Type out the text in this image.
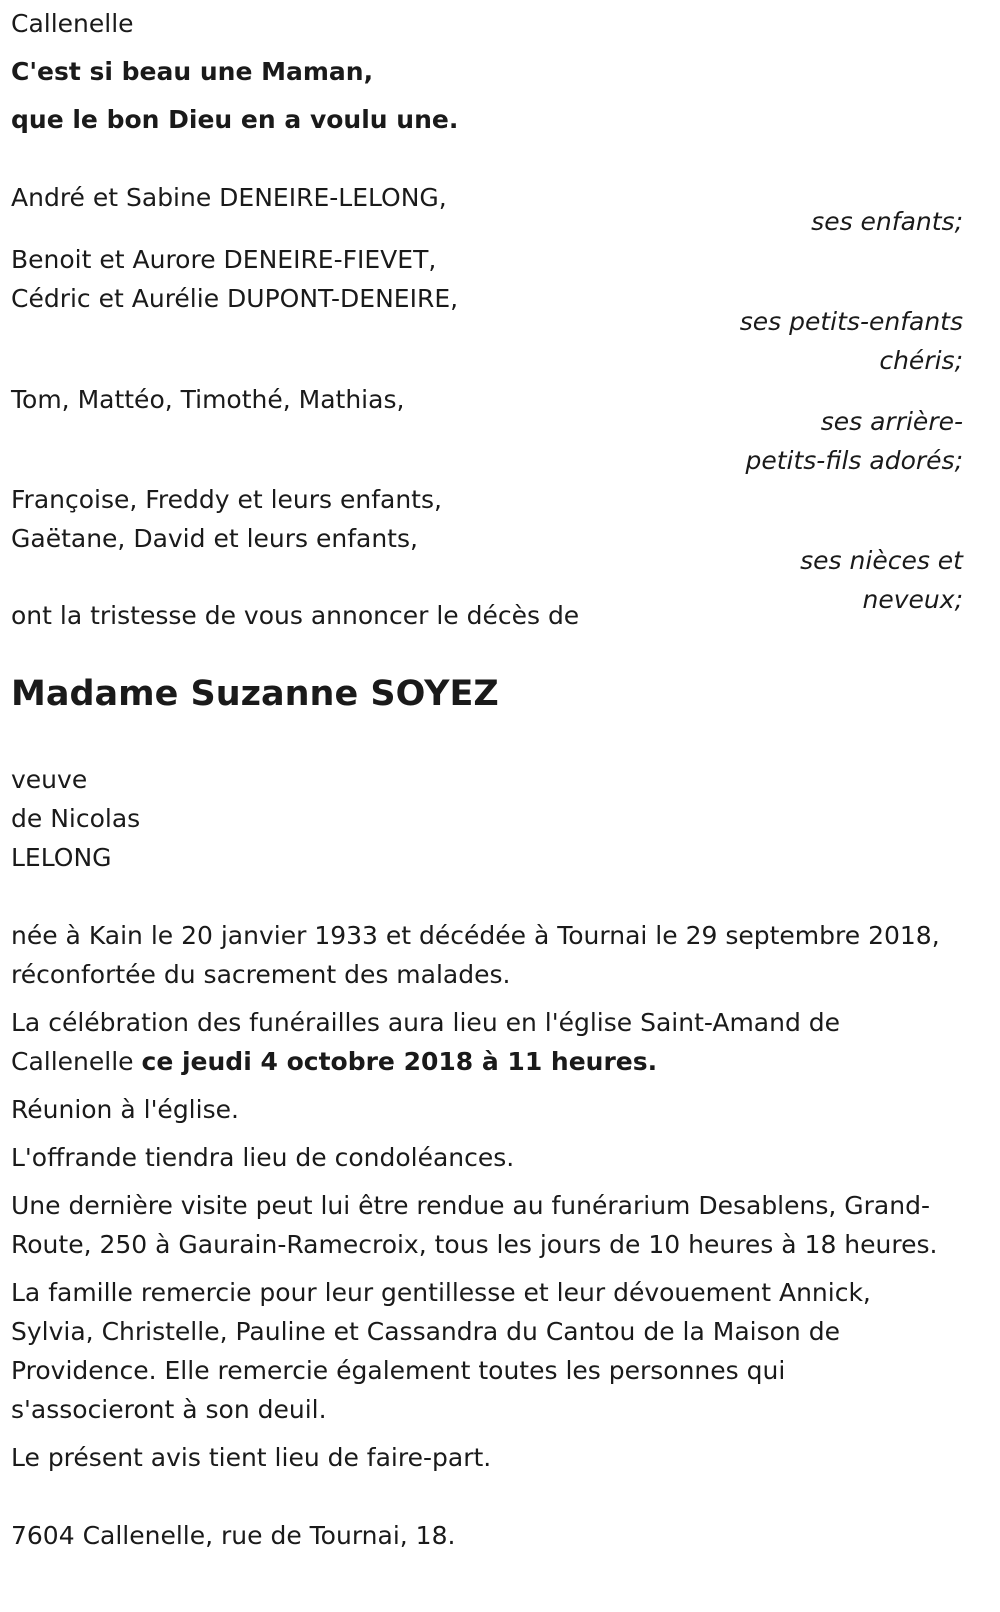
Callenelle
C'est si beau une Maman,
que le bon Dieu en a voulu une.
André et Sabine DENEIRE-LELONG,
ses enfants;
Benoit et Aurore DENEIRE-FIEVET,
Cédric et Aurélie DUPONT-DENEIRE,
ses petits-enfants
chéris;
Tom, Mattéo, Timothé, Mathias,
ses arrière-
petits-fils adorés;
Françoise, Freddy et leurs enfants,
Gaëtane, David et leurs enfants,
ses nièces et
neveux;
ont la tristesse de vous annoncer le décès de
Madame Suzanne SOYEZ
veuve
de Nicolas
LELONG
née à Kain le 20 janvier 1933 et décédée à Tournai le 29 septembre 2018,
réconfortée du sacrement des malades.
La célébration des funérailles aura lieu en l'église Saint-Amand de
Callenelle ce jeudi 4 octobre 2018 à 11 heures.
Réunion à l'église.
L'offrande tiendra lieu de condoléances.
Une dernière visite peut lui être rendue au funérarium Desablens, Grand-
Route, 250 à Gaurain-Ramecroix, tous les jours de 10 heures à 18 heures.
La famille remercie pour leur gentillesse et leur dévouement Annick,
Sylvia, Christelle, Pauline et Cassandra du Cantou de la Maison de
Providence. Elle remercie également toutes les personnes qui
s'associeront à son deuil.
Le présent avis tient lieu de faire-part.
7604 Callenelle, rue de Tournai, 18.
